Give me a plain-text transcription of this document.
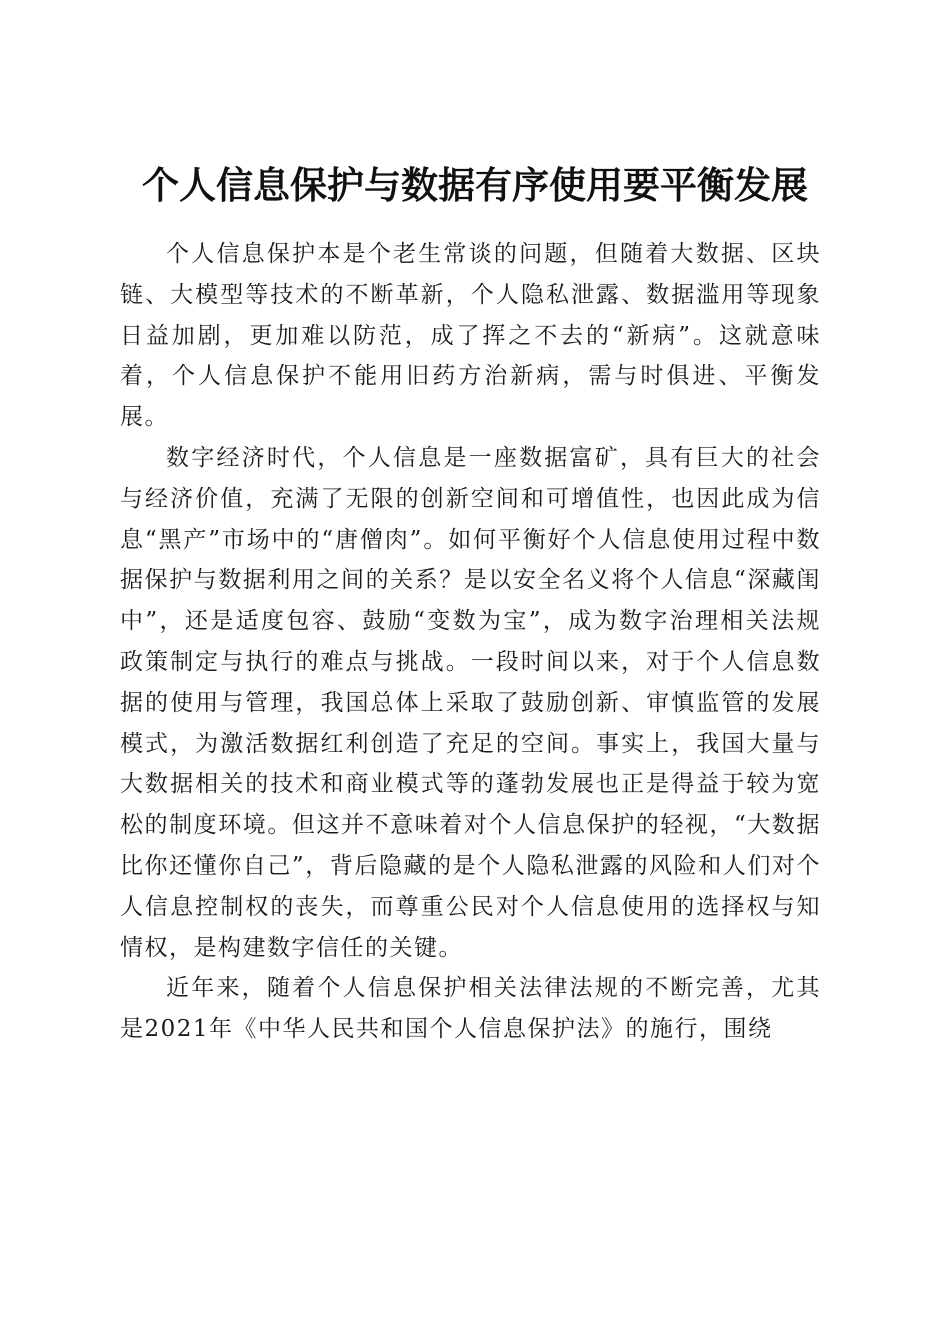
个人信息保护与数据有序使用要平衡发展

个人信息保护本是个老生常谈的问题，但随着大数据、区块链、大模型等技术的不断革新，个人隐私泄露、数据滥用等现象日益加剧，更加难以防范，成了挥之不去的“新病”。这就意味着，个人信息保护不能用旧药方治新病，需与时俱进、平衡发展。

数字经济时代，个人信息是一座数据富矿，具有巨大的社会与经济价值，充满了无限的创新空间和可增值性，也因此成为信息“黑产”市场中的“唐僧肉”。如何平衡好个人信息使用过程中数据保护与数据利用之间的关系？是以安全名义将个人信息“深藏闺中”，还是适度包容、鼓励“变数为宝”，成为数字治理相关法规政策制定与执行的难点与挑战。一段时间以来，对于个人信息数据的使用与管理，我国总体上采取了鼓励创新、审慎监管的发展模式，为激活数据红利创造了充足的空间。事实上，我国大量与大数据相关的技术和商业模式等的蓬勃发展也正是得益于较为宽松的制度环境。但这并不意味着对个人信息保护的轻视，“大数据比你还懂你自己”，背后隐藏的是个人隐私泄露的风险和人们对个人信息控制权的丧失，而尊重公民对个人信息使用的选择权与知情权，是构建数字信任的关键。

近年来，随着个人信息保护相关法律法规的不断完善，尤其是2021年《中华人民共和国个人信息保护法》的施行，围绕
